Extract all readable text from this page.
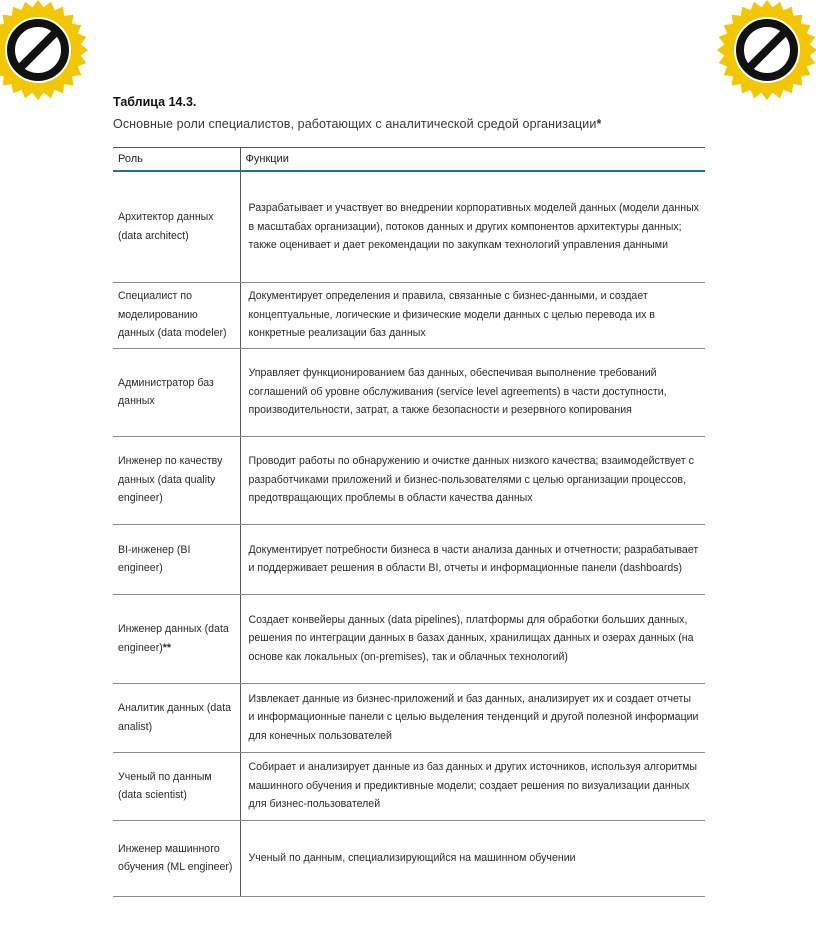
Таблица 14.3.
Основные роли специалистов, работающих с аналитической средой организации*
Роль	Функции
Архитектор данных (data architect)	Разрабатывает и участвует во внедрении корпоративных моделей данных (модели данных в масштабах организации), потоков данных и других компонентов архитектуры данных; также оценивает и дает рекомендации по закупкам технологий управления данными
Специалист по моделированию данных (data modeler)	Документирует определения и правила, связанные с бизнес-данными, и создает концептуальные, логические и физические модели данных с целью перевода их в конкретные реализации баз данных
Администратор баз данных	Управляет функционированием баз данных, обеспечивая выполнение требований соглашений об уровне обслуживания (service level agreements) в части доступности, производительности, затрат, а также безопасности и резервного копирования
Инженер по качеству данных (data quality engineer)	Проводит работы по обнаружению и очистке данных низкого качества; взаимодействует с разработчиками приложений и бизнес-пользователями с целью организации процессов, предотвращающих проблемы в области качества данных
BI-инженер (BI engineer)	Документирует потребности бизнеса в части анализа данных и отчетности; разрабатывает и поддерживает решения в области BI, отчеты и информационные панели (dashboards)
Инженер данных (data engineer)**	Создает конвейеры данных (data pipelines), платформы для обработки больших данных, решения по интеграции данных в базах данных, хранилищах данных и озерах данных (на основе как локальных (on-premises), так и облачных технологий)
Аналитик данных (data analist)	Извлекает данные из бизнес-приложений и баз данных, анализирует их и создает отчеты и информационные панели с целью выделения тенденций и другой полезной информации для конечных пользователей
Ученый по данным (data scientist)	Собирает и анализирует данные из баз данных и других источников, используя алгоритмы машинного обучения и предиктивные модели; создает решения по визуализации данных для бизнес-пользователей
Инженер машинного обучения (ML engineer)	Ученый по данным, специализирующийся на машинном обучении
